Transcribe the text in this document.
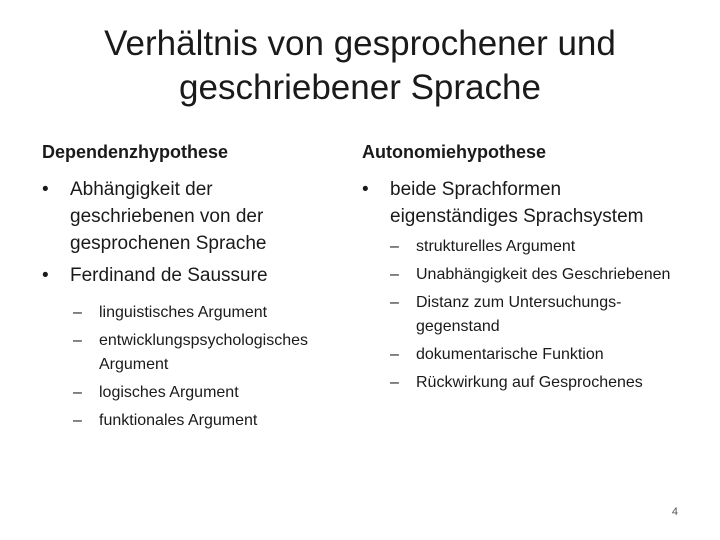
Verhältnis von gesprochener und geschriebener Sprache
Dependenzhypothese
•	Abhängigkeit der geschriebenen von der gesprochenen Sprache
•	Ferdinand de Saussure
– linguistisches Argument
– entwicklungspsychologisches Argument
– logisches Argument
– funktionales Argument
Autonomiehypothese
•	beide Sprachformen eigenständiges Sprachsystem
– strukturelles Argument
– Unabhängigkeit des Geschriebenen
– Distanz zum Untersuchungs-gegenstand
– dokumentarische Funktion
– Rückwirkung auf Gesprochenes
4
